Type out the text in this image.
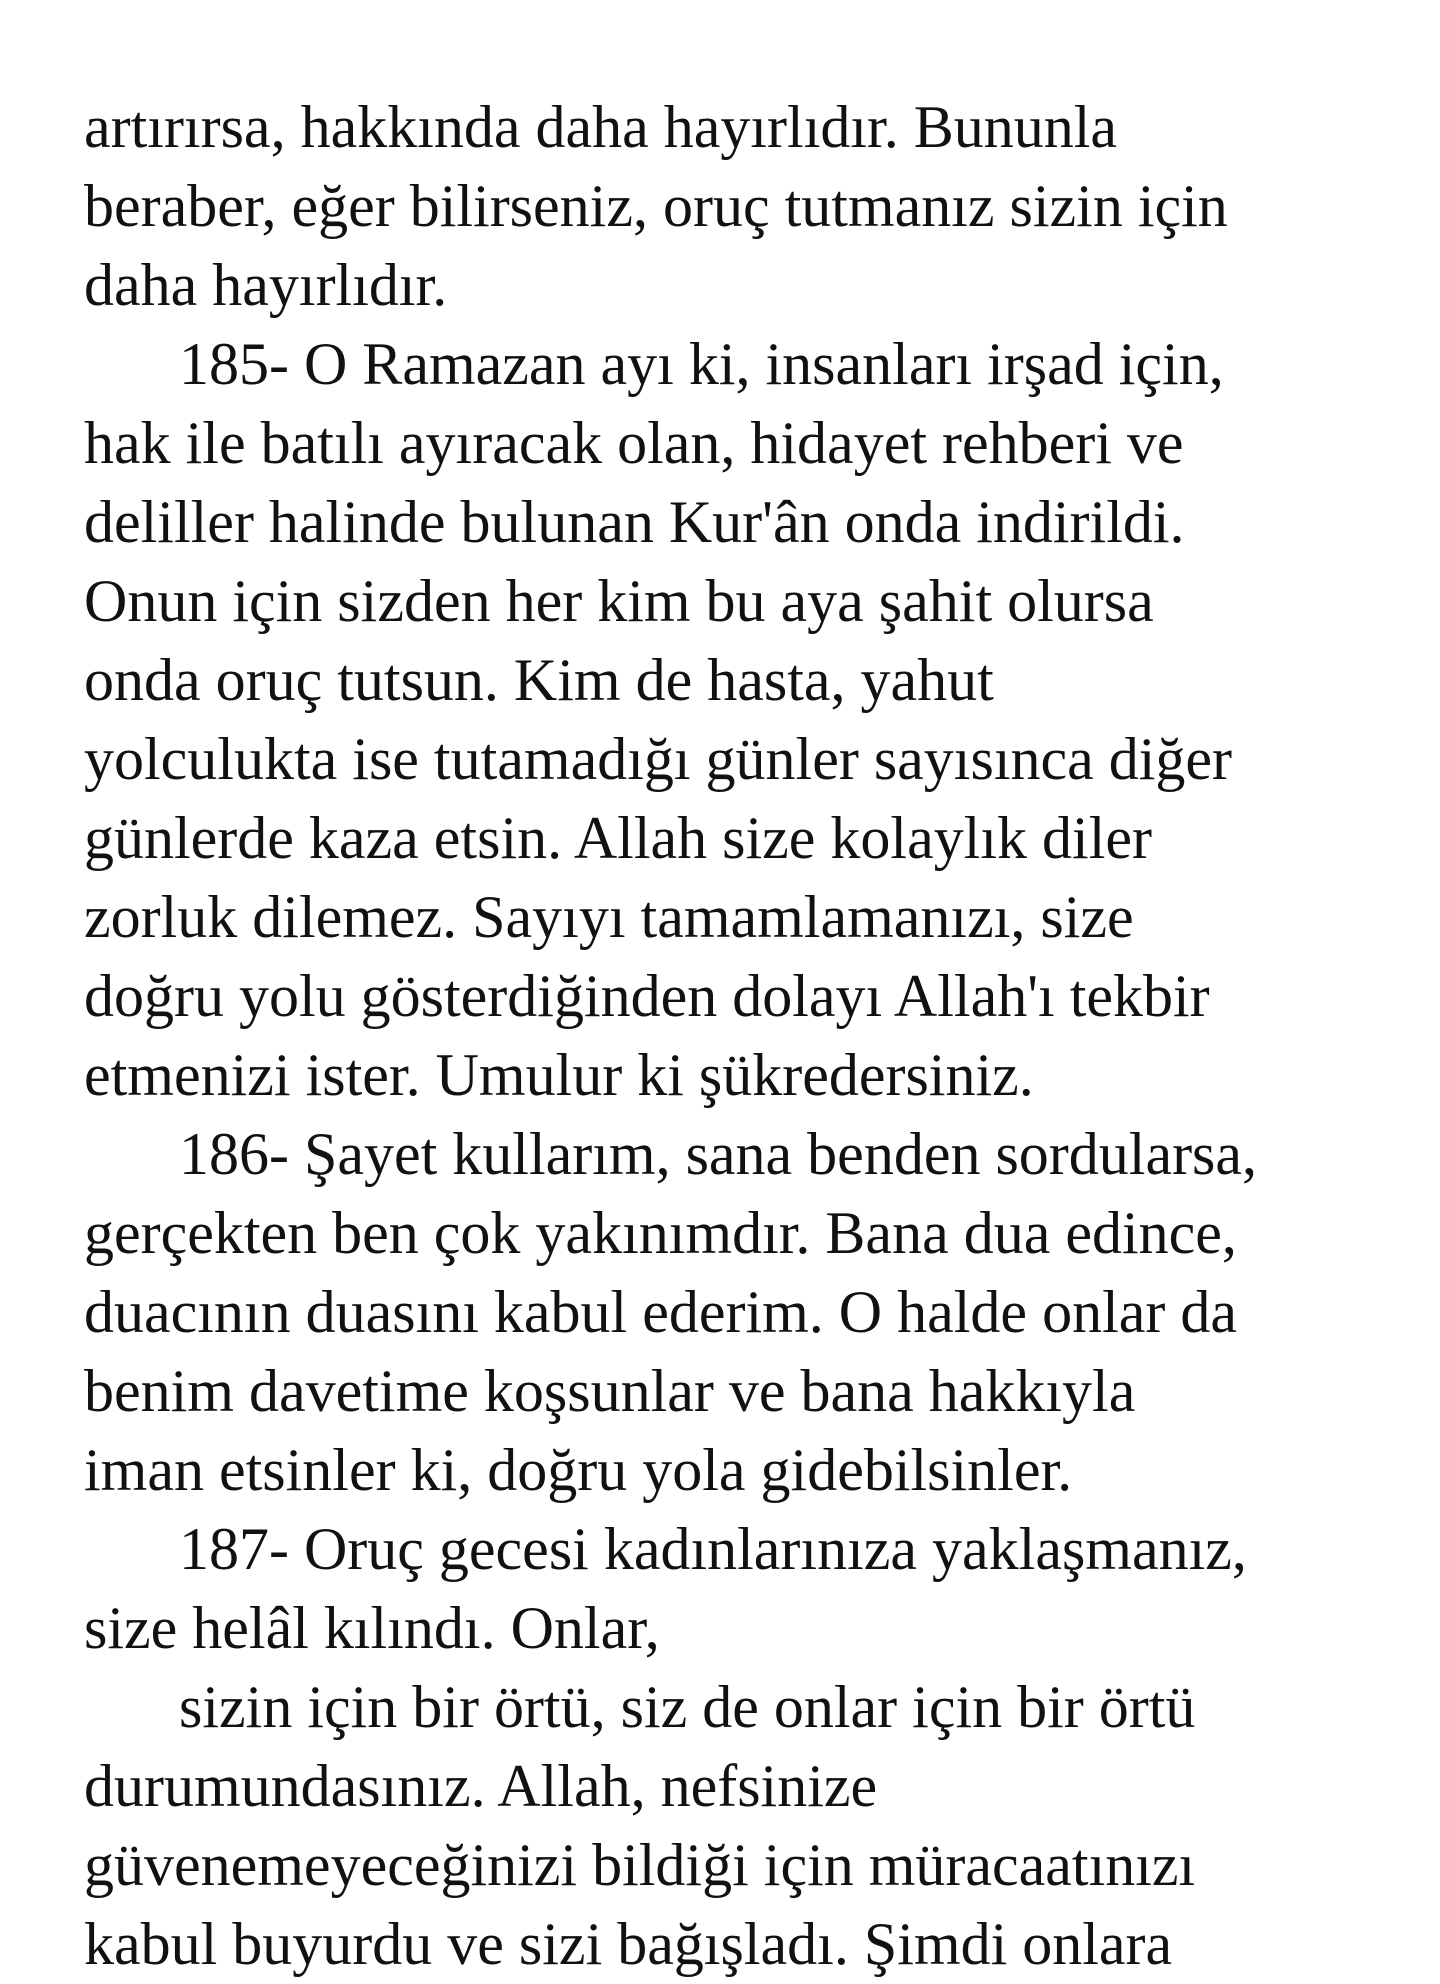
artırırsa, hakkında daha hayırlıdır. Bununla
beraber, eğer bilirseniz, oruç tutmanız sizin için
daha hayırlıdır.
185- O Ramazan ayı ki, insanları irşad için,
hak ile batılı ayıracak olan, hidayet rehberi ve
deliller halinde bulunan Kur'ân onda indirildi.
Onun için sizden her kim bu aya şahit olursa
onda oruç tutsun. Kim de hasta, yahut
yolculukta ise tutamadığı günler sayısınca diğer
günlerde kaza etsin. Allah size kolaylık diler
zorluk dilemez. Sayıyı tamamlamanızı, size
doğru yolu gösterdiğinden dolayı Allah'ı tekbir
etmenizi ister. Umulur ki şükredersiniz.
186- Şayet kullarım, sana benden sordularsa,
gerçekten ben çok yakınımdır. Bana dua edince,
duacının duasını kabul ederim. O halde onlar da
benim davetime koşsunlar ve bana hakkıyla
iman etsinler ki, doğru yola gidebilsinler.
187- Oruç gecesi kadınlarınıza yaklaşmanız,
size helâl kılındı. Onlar,
sizin için bir örtü, siz de onlar için bir örtü
durumundasınız. Allah, nefsinize
güvenemeyeceğinizi bildiği için müracaatınızı
kabul buyurdu ve sizi bağışladı. Şimdi onlara
